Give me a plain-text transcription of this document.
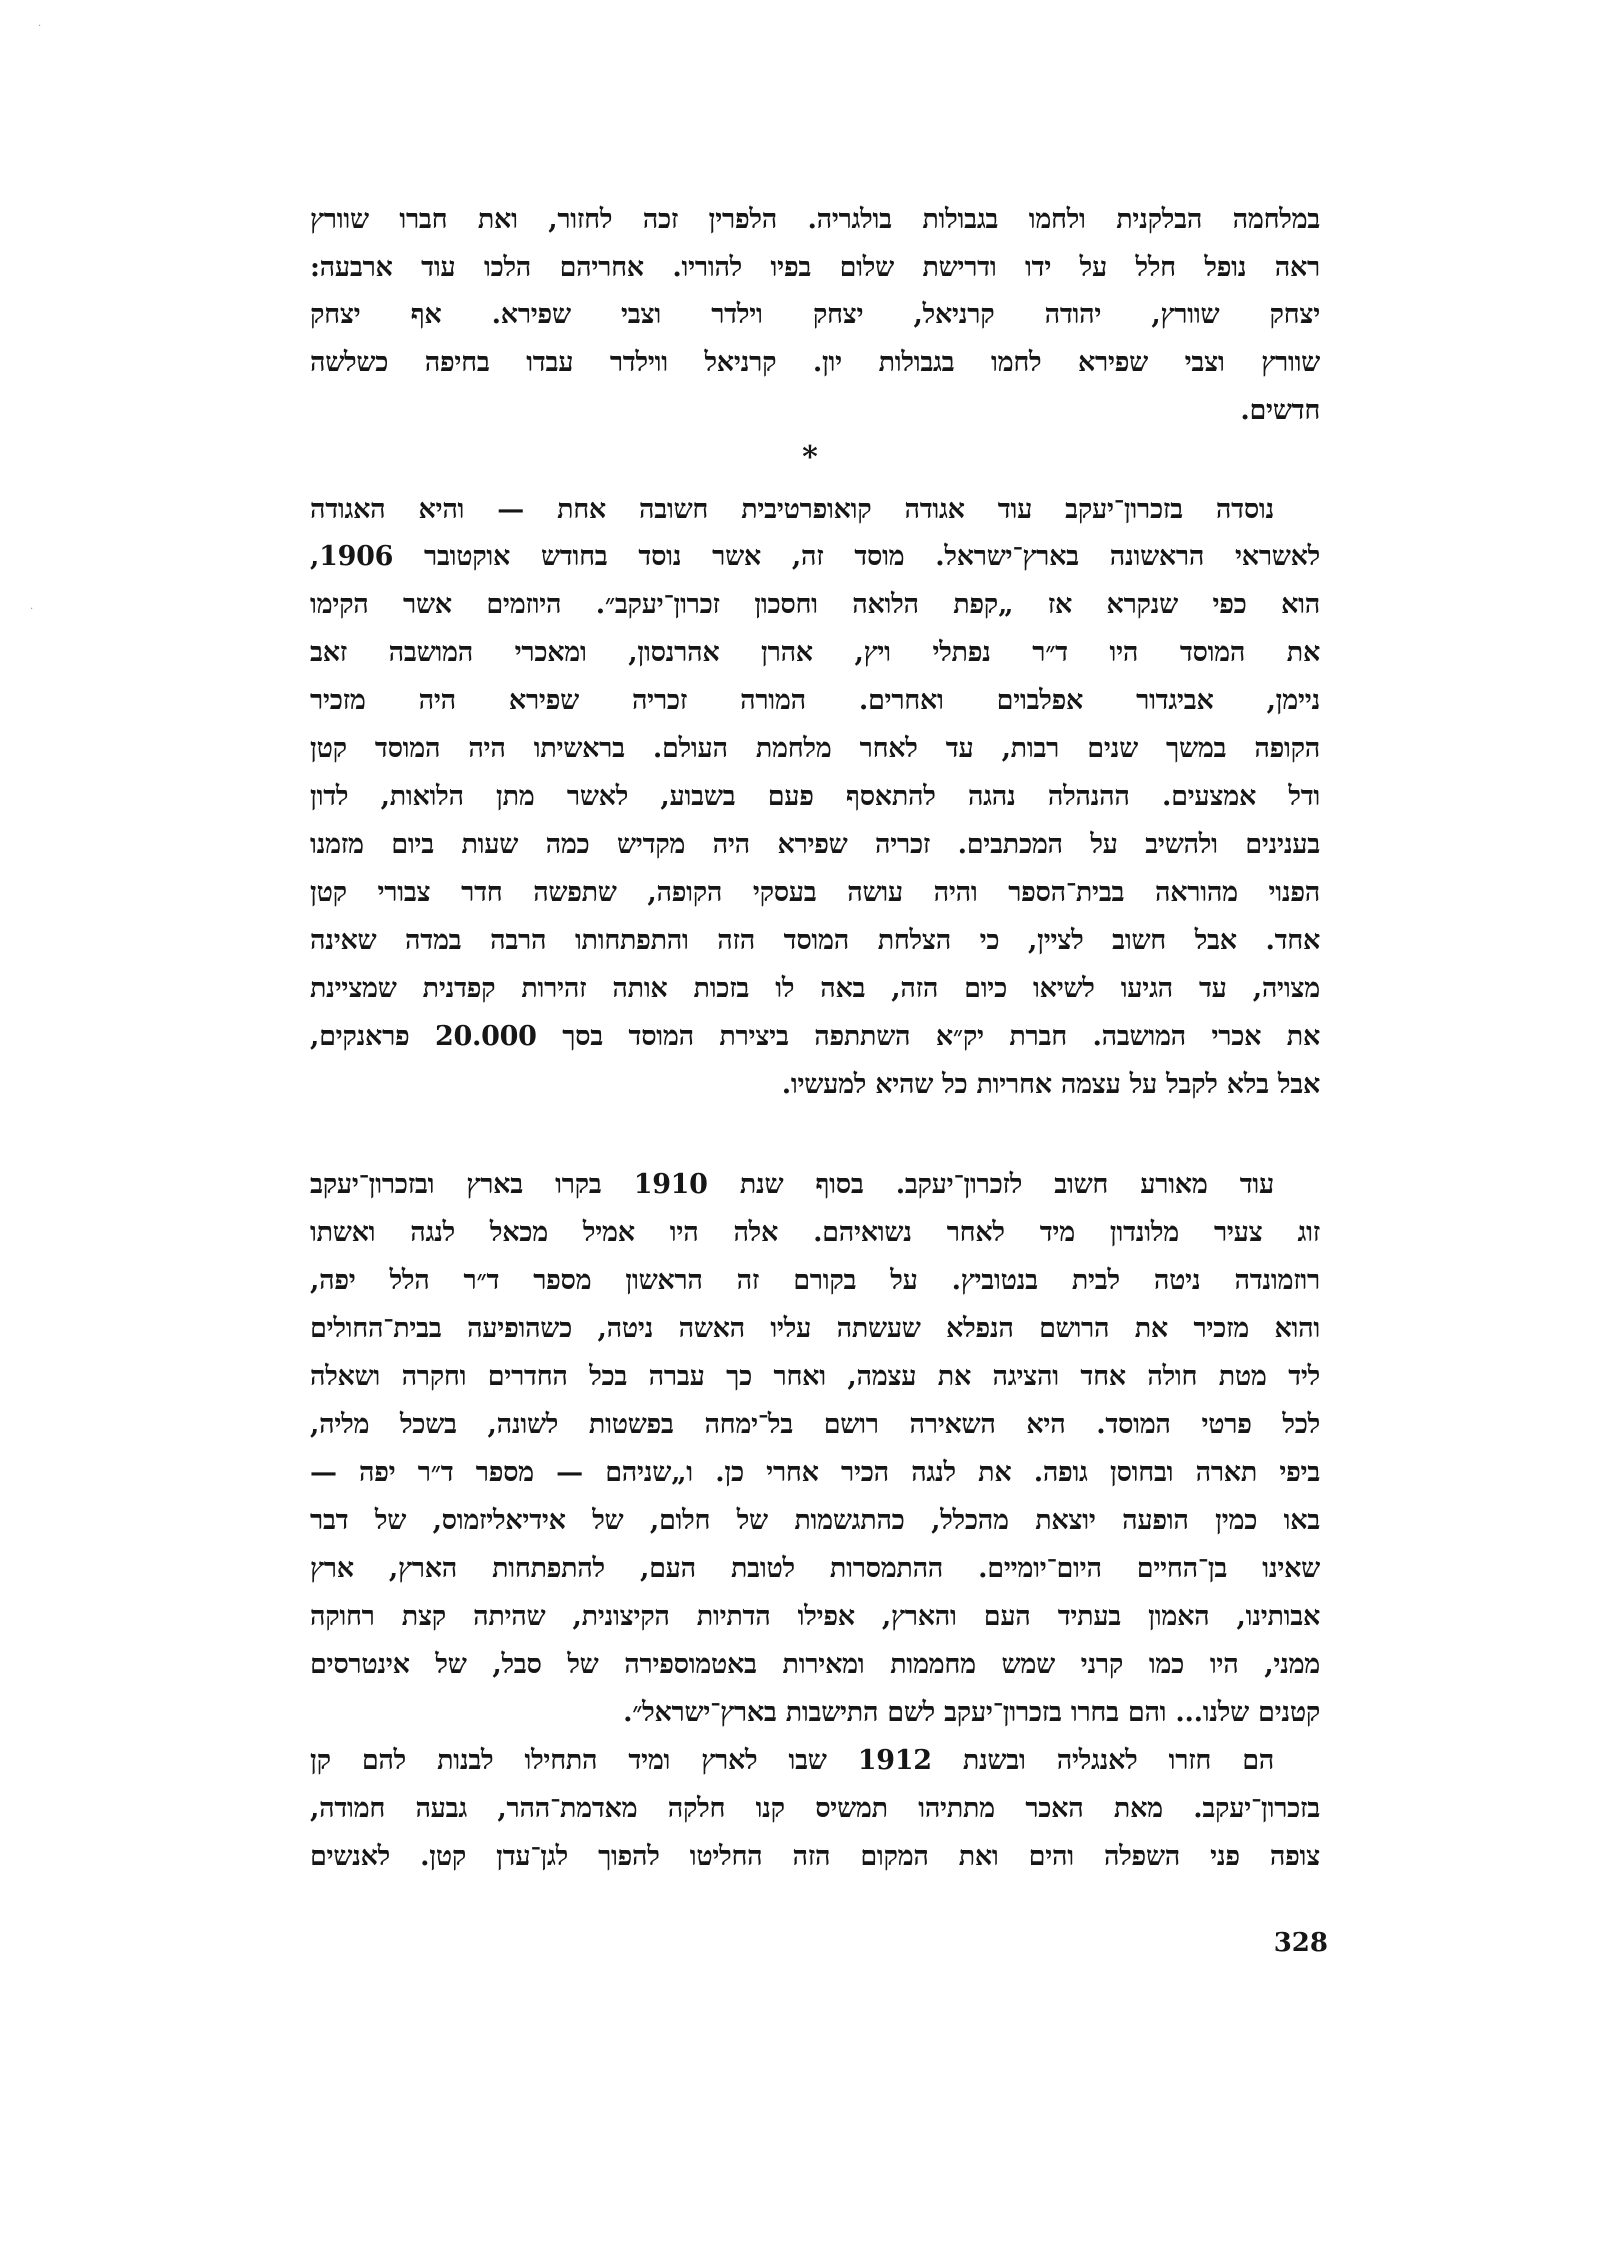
במלחמה הבלקנית ולחמו בגבולות בולגריה. הלפרין זכה לחזור, ואת חברו שוורץ
ראה נופל חלל על ידו ודרישת שלום בפיו להוריו. אחריהם הלכו עוד ארבעה:
יצחק שוורץ, יהודה קרניאל, יצחק וילדר וצבי שפירא. אף יצחק
שוורץ וצבי שפירא לחמו בגבולות יון. קרניאל ווילדר עבדו בחיפה כשלשה
חדשים.
*
נוסדה בזכרון־יעקב עוד אגודה קואופרטיבית חשובה אחת — והיא האגודה
לאשראי הראשונה בארץ־ישראל. מוסד זה, אשר נוסד בחודש אוקטובר 1906,
הוא כפי שנקרא אז „קפת הלואה וחסכון זכרון־יעקב״. היוזמים אשר הקימו
את המוסד היו ד״ר נפתלי ויץ, אהרן אהרנסון, ומאכרי המושבה זאב
ניימן, אביגדור אפלבוים ואחרים. המורה זכריה שפירא היה מזכיר
הקופה במשך שנים רבות, עד לאחר מלחמת העולם. בראשיתו היה המוסד קטן
ודל אמצעים. ההנהלה נהגה להתאסף פעם בשבוע, לאשר מתן הלואות, לדון
בענינים ולהשיב על המכתבים. זכריה שפירא היה מקדיש כמה שעות ביום מזמנו
הפנוי מהוראה בבית־הספר והיה עושה בעסקי הקופה, שתפשה חדר צבורי קטן
אחד. אבל חשוב לציין, כי הצלחת המוסד הזה והתפתחותו הרבה במדה שאינה
מצויה, עד הגיעו לשיאו כיום הזה, באה לו בזכות אותה זהירות קפדנית שמציינת
את אכרי המושבה. חברת יק״א השתתפה ביצירת המוסד בסך 20.000 פראנקים,
אבל בלא לקבל על עצמה אחריות כל שהיא למעשיו.
עוד מאורע חשוב לזכרון־יעקב. בסוף שנת 1910 בקרו בארץ ובזכרון־יעקב
זוג צעיר מלונדון מיד לאחר נשואיהם. אלה היו אמיל מכאל לנגה ואשתו
רוזמונדה ניטה לבית בנטוביץ. על בקורם זה הראשון מספר ד״ר הלל יפה,
והוא מזכיר את הרושם הנפלא שעשתה עליו האשה ניטה, כשהופיעה בבית־החולים
ליד מטת חולה אחד והציגה את עצמה, ואחר כך עברה בכל החדרים וחקרה ושאלה
לכל פרטי המוסד. היא השאירה רושם בל־ימחה בפשטות לשונה, בשכל מליה,
ביפי תארה ובחוסן גופה. את לנגה הכיר אחרי כן. ו„שניהם — מספר ד״ר יפה —
באו כמין הופעה יוצאת מהכלל, כהתגשמות של חלום, של אידיאליזמוס, של דבר
שאינו בן־החיים היום־יומיים. ההתמסרות לטובת העם, להתפתחות הארץ, ארץ
אבותינו, האמון בעתיד העם והארץ, אפילו הדתיות הקיצונית, שהיתה קצת רחוקה
ממני, היו כמו קרני שמש מחממות ומאירות באטמוספירה של סבל, של אינטרסים
קטנים שלנו... והם בחרו בזכרון־יעקב לשם התישבות בארץ־ישראל״.
הם חזרו לאנגליה ובשנת 1912 שבו לארץ ומיד התחילו לבנות להם קן
בזכרון־יעקב. מאת האכר מתתיהו תמשיס קנו חלקה מאדמת־ההר, גבעה חמודה,
צופה פני השפלה והים ואת המקום הזה החליטו להפוך לגן־עדן קטן. לאנשים
328
·
·
